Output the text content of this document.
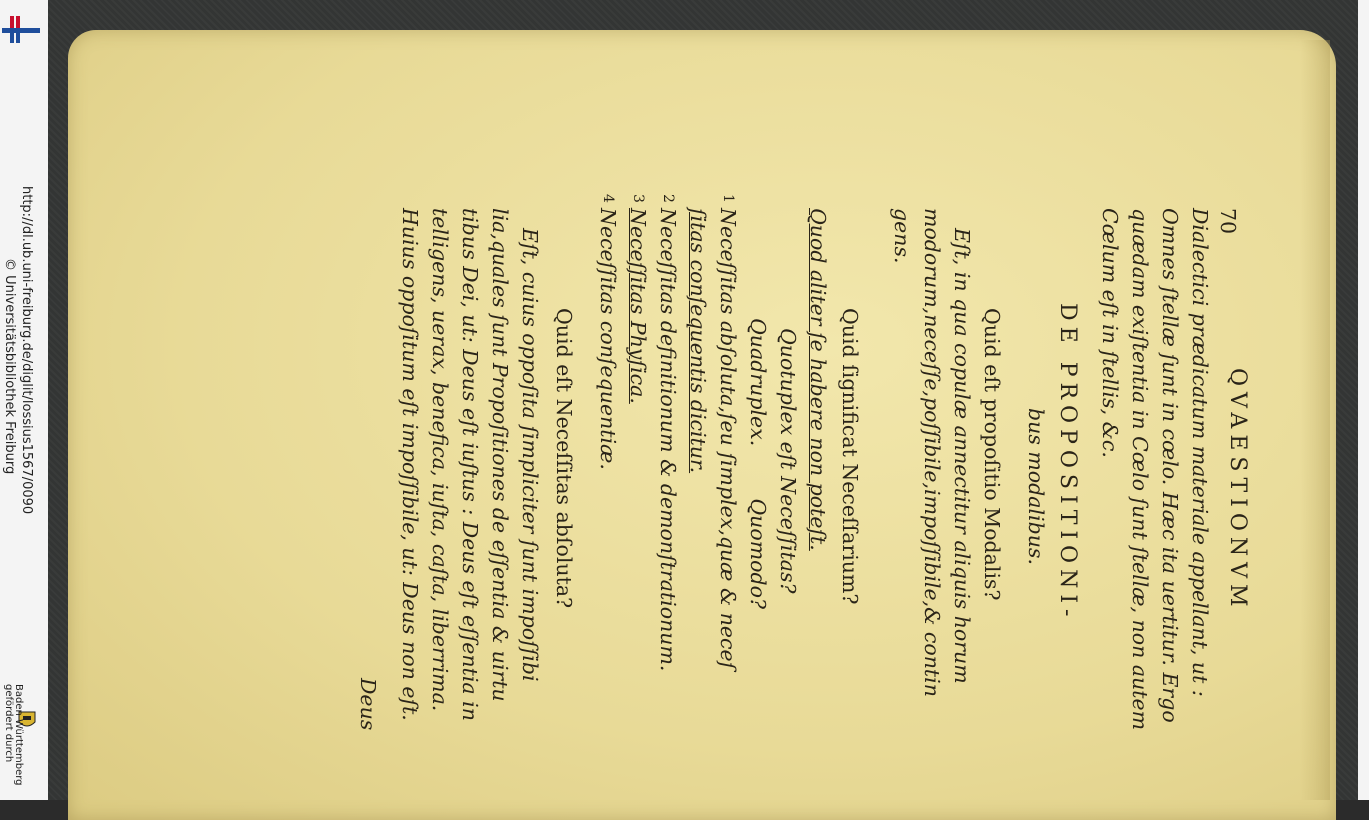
http://dl.ub.uni-freiburg.de/diglit/lossius1567/0090
© Universitätsbibliothek Freiburg
gefördert durch Baden-Württemberg
70
QVAESTIONVM
Dialectici prædicatum materiale appellant, ut :
Omnes ſtellæ ſunt in cœlo. Hæc ita uertitur. Ergo
quædam exiſtentia in Cœlo ſunt ſtellæ, non autem
Cœlum eſt in ſtellis, &c.
DE PROPOSITIONI-
bus modalibus.
Quid eſt propoſitio Modalis?
Eſt, in qua copulæ annectitur aliquis horum
modorum,neceſſe,poſſibile,impoſſibile,& contin
gens.
Quid ſignificat Neceſſarium?
Quod aliter ſe habere non poteſt.
Quotuplex eſt Neceſſitas?
Quadruplex.        Quomodo?
1
Neceſſitas abſoluta,ſeu ſimplex,quæ & neceſ
ſitas conſequentis dicitur.
2
Neceſſitas definitionum & demonſtrationum.
3
Neceſſitas Phyſica.
4
Neceſſitas conſequentiæ.
Quid eſt Neceſſitas abſoluta?
Eſt, cuius oppoſita ſimpliciter ſunt impoſſibi
lia,quales ſunt Propoſitiones de eſſentia & uirtu
tibus Dei, ut: Deus eſt iuſtus : Deus eſt eſſentia in
telligens, uerax, benefica, iuſta, caſta, liberrima.
Huius oppoſitum eſt impoſſibile, ut: Deus non eſt.
Deus
